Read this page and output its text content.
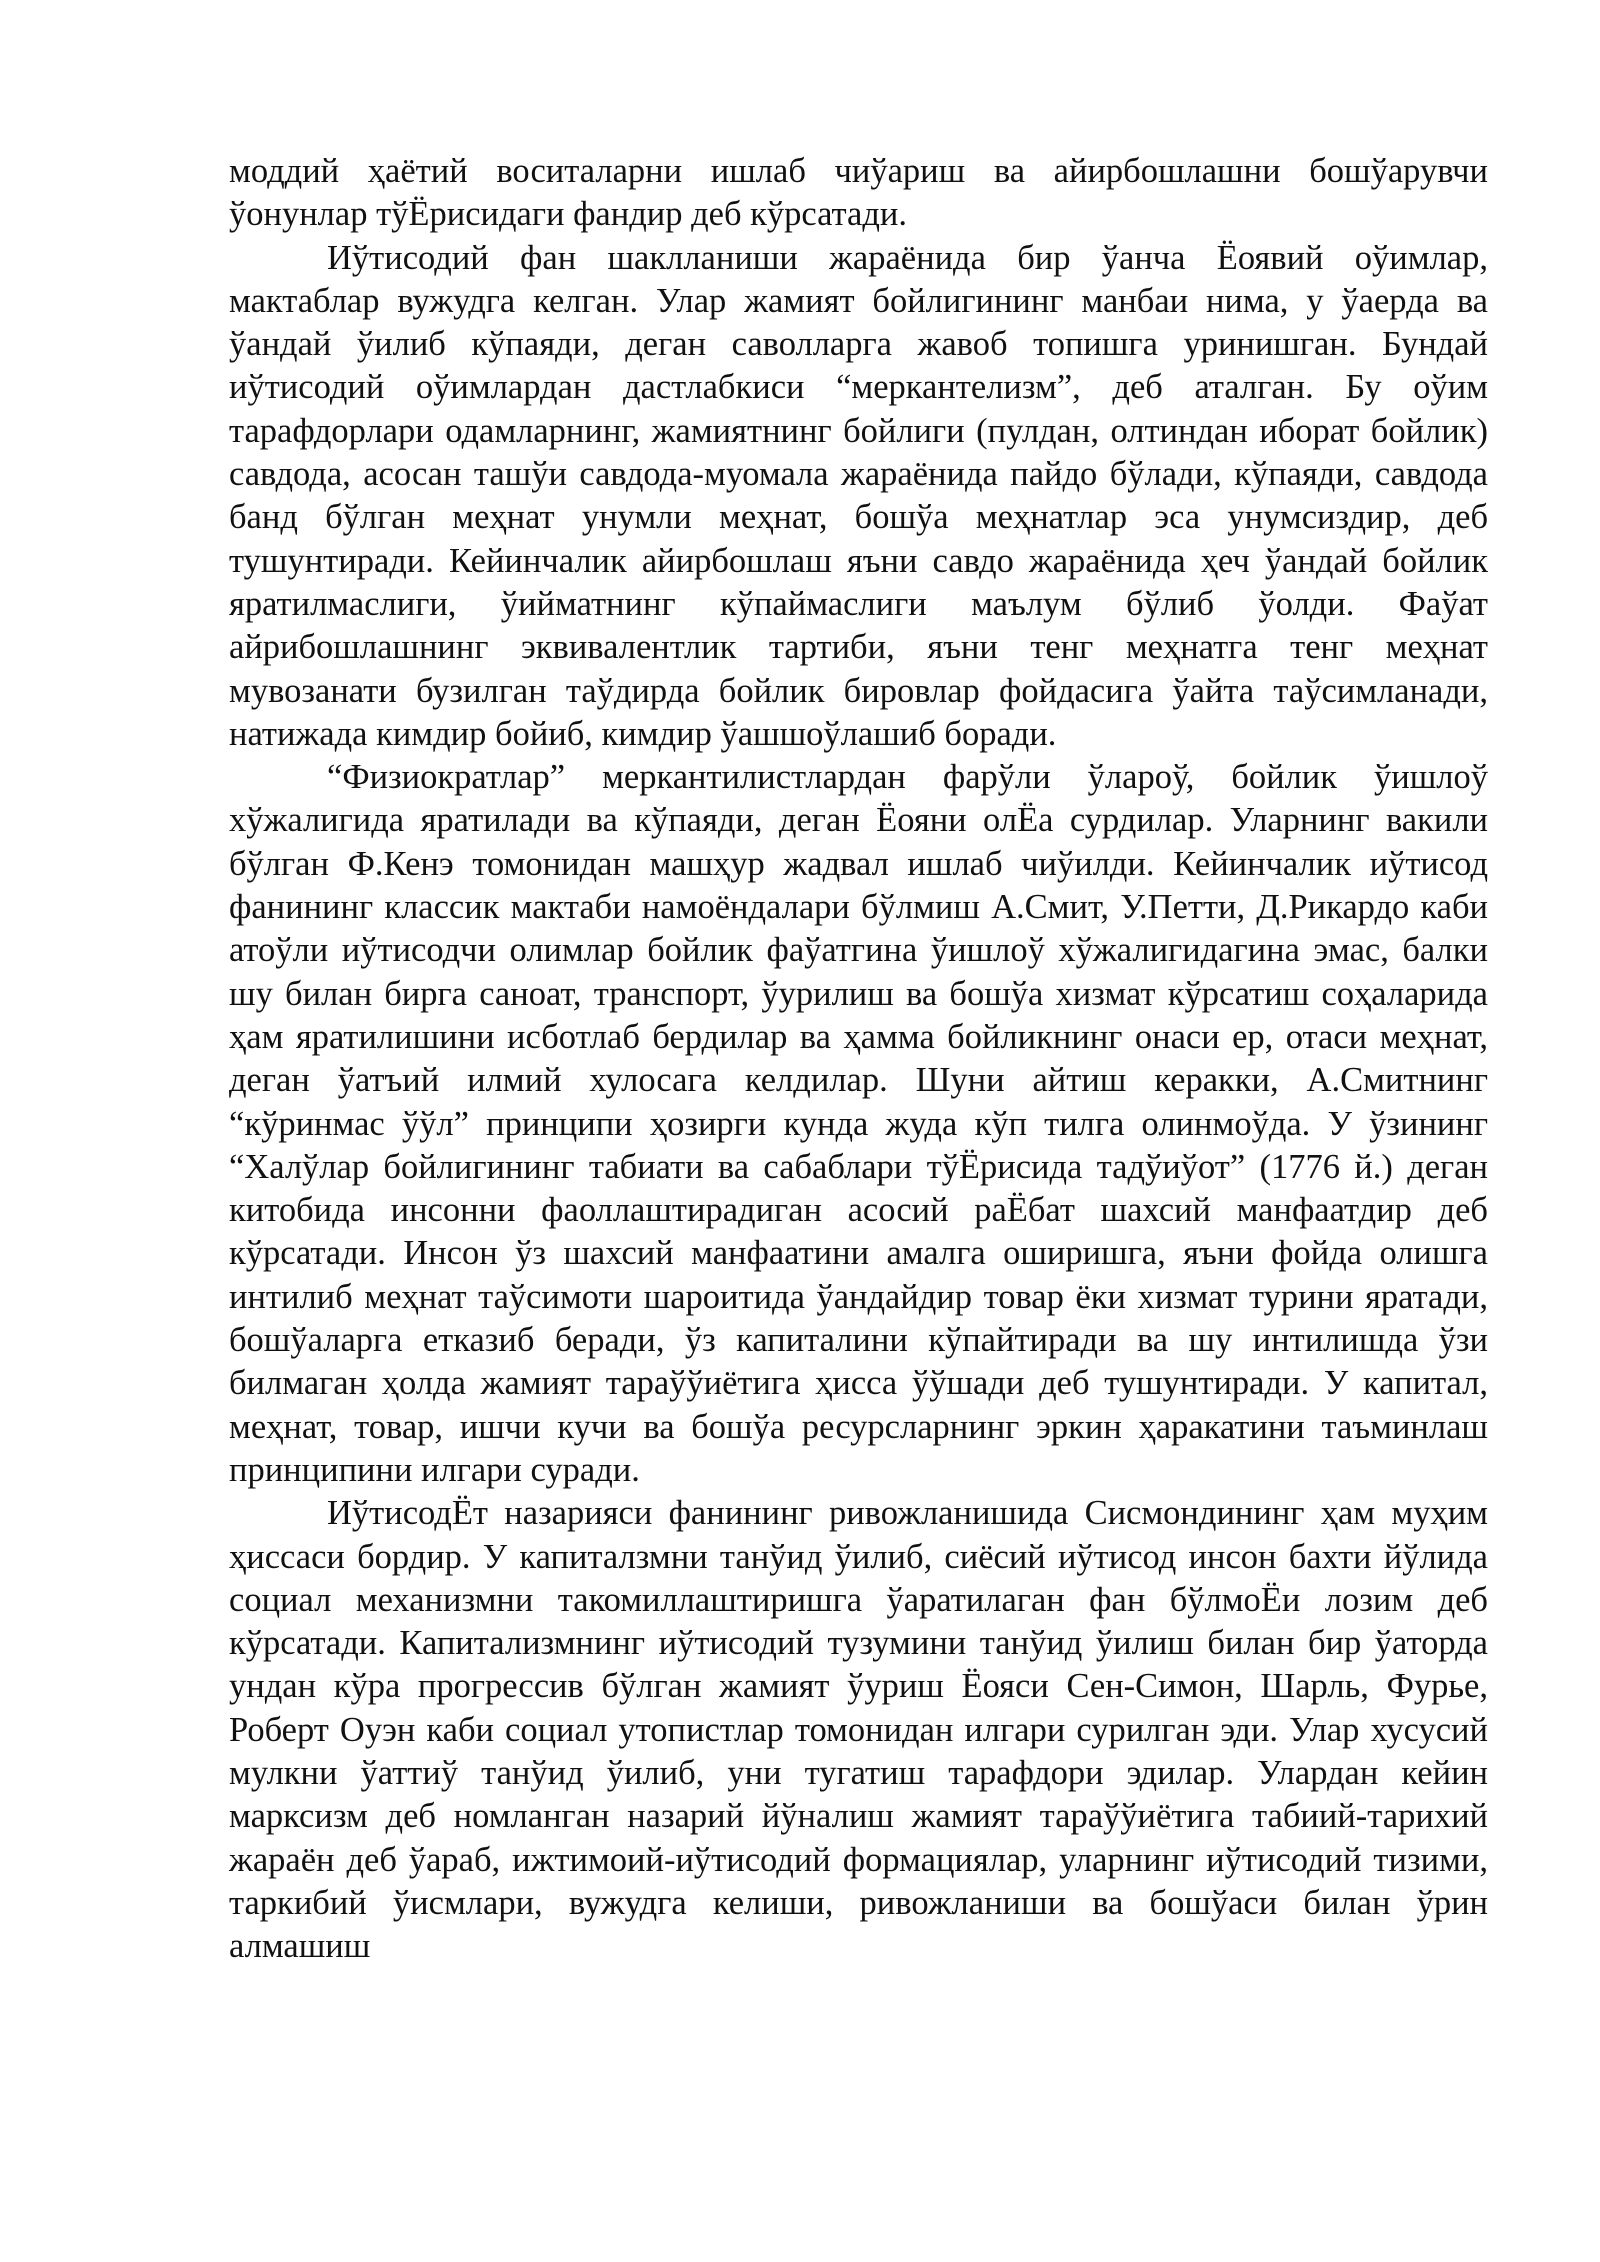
моддий ҳаётий воситаларни ишлаб чиўариш ва айирбошлашни бошўарувчи ўонунлар тўЁрисидаги фандир деб кўрсатади.

Иўтисодий фан шаклланиши жараёнида бир ўанча Ёоявий оўимлар, мактаблар вужудга келган. Улар жамият бойлигининг манбаи нима, у ўаерда ва ўандай ўилиб кўпаяди, деган саволларга жавоб топишга уринишган. Бундай иўтисодий оўимлардан дастлабкиси “меркантелизм”, деб аталган. Бу оўим тарафдорлари одамларнинг, жамиятнинг бойлиги (пулдан, олтиндан иборат бойлик) савдода, асосан ташўи савдода-муомала жараёнида пайдо бўлади, кўпаяди, савдода банд бўлган меҳнат унумли меҳнат, бошўа меҳнатлар эса унумсиздир, деб тушунтиради. Кейинчалик айирбошлаш яъни савдо жараёнида ҳеч ўандай бойлик яратилмаслиги, ўийматнинг кўпаймаслиги маълум бўлиб ўолди. Фаўат айрибошлашнинг эквивалентлик тартиби, яъни тенг меҳнатга тенг меҳнат мувозанати бузилган таўдирда бойлик бировлар фойдасига ўайта таўсимланади, натижада кимдир бойиб, кимдир ўашшоўлашиб боради.

“Физиократлар” меркантилистлардан фарўли ўлароў, бойлик ўишлоў хўжалигида яратилади ва кўпаяди, деган Ёояни олЁа сурдилар. Уларнинг вакили бўлган Ф.Кенэ томонидан машҳур жадвал ишлаб чиўилди. Кейинчалик иўтисод фанининг классик мактаби намоёндалари бўлмиш А.Смит, У.Петти, Д.Рикардо каби атоўли иўтисодчи олимлар бойлик фаўатгина ўишлоў хўжалигидагина эмас, балки шу билан бирга саноат, транспорт, ўурилиш ва бошўа хизмат кўрсатиш соҳаларида ҳам яратилишини исботлаб бердилар ва ҳамма бойликнинг онаси ер, отаси меҳнат, деган ўатъий илмий хулосага келдилар. Шуни айтиш керакки, А.Смитнинг “кўринмас ўўл” принципи ҳозирги кунда жуда кўп тилга олинмоўда. У ўзининг “Халўлар бойлигининг табиати ва сабаблари тўЁрисида тадўиўот” (1776 й.) деган китобида инсонни фаоллаштирадиган асосий раЁбат шахсий манфаатдир деб кўрсатади. Инсон ўз шахсий манфаатини амалга оширишга, яъни фойда олишга интилиб меҳнат таўсимоти шароитида ўандайдир товар ёки хизмат турини яратади, бошўаларга етказиб беради, ўз капиталини кўпайтиради ва шу интилишда ўзи билмаган ҳолда жамият тараўўиётига ҳисса ўўшади деб тушунтиради. У капитал, меҳнат, товар, ишчи кучи ва бошўа ресурсларнинг эркин ҳаракатини таъминлаш принципини илгари суради.

ИўтисодЁт назарияси фанининг ривожланишида Сисмондининг ҳам муҳим ҳиссаси бордир. У капиталзмни танўид ўилиб, сиёсий иўтисод инсон бахти йўлида социал механизмни такомиллаштиришга ўаратилаган фан бўлмоЁи лозим деб кўрсатади. Капитализмнинг иўтисодий тузумини танўид ўилиш билан бир ўаторда ундан кўра прогрессив бўлган жамият ўуриш Ёояси Сен-Симон, Шарль, Фурье, Роберт Оуэн каби социал утопистлар томонидан илгари сурилган эди. Улар хусусий мулкни ўаттиў танўид ўилиб, уни тугатиш тарафдори эдилар. Улардан кейин марксизм деб номланган назарий йўналиш жамият тараўўиётига табиий-тарихий жараён деб ўараб, ижтимоий-иўтисодий формациялар, уларнинг иўтисодий тизими, таркибий ўисмлари, вужудга келиши, ривожланиши ва бошўаси билан ўрин алмашиш
